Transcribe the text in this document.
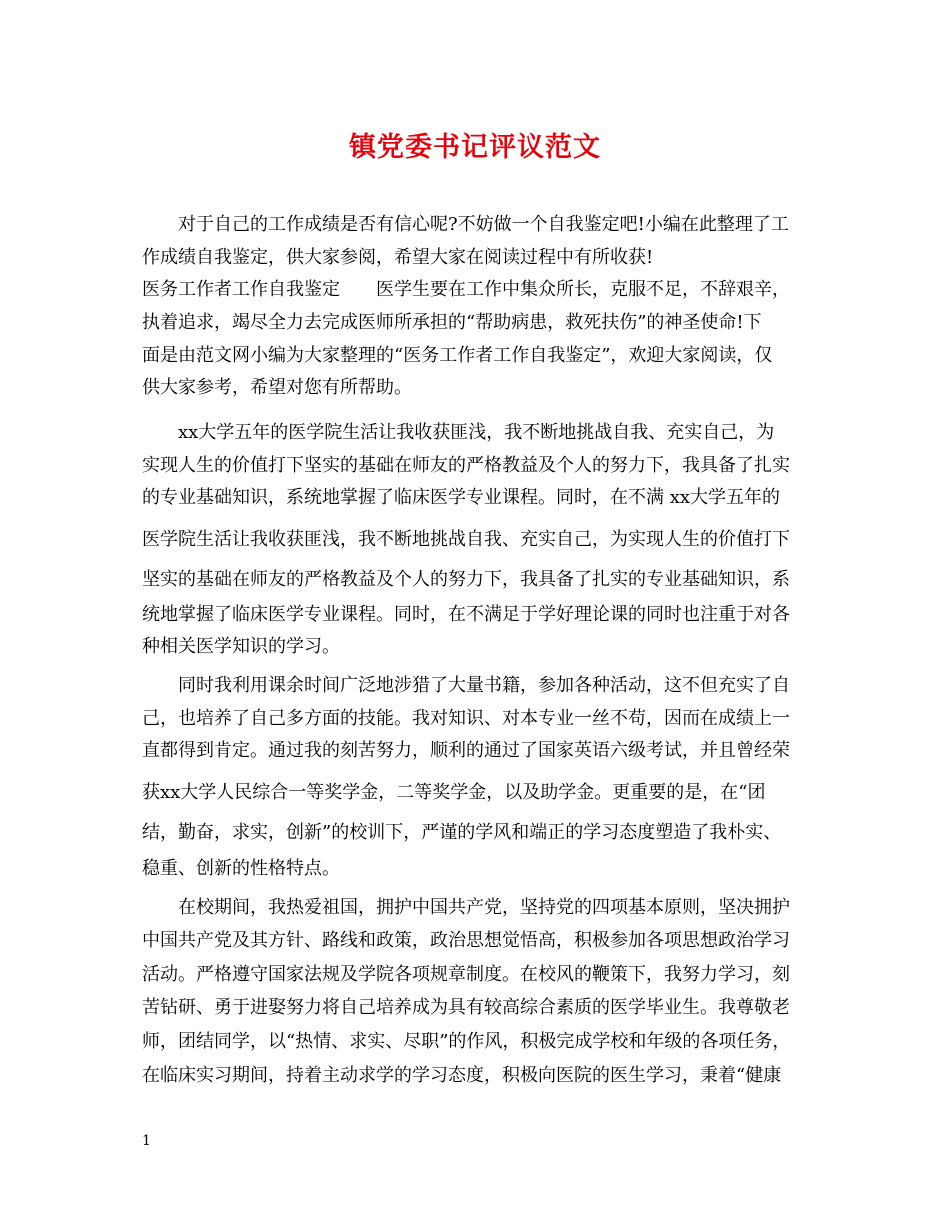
镇党委书记评议范文
对于自己的工作成绩是否有信心呢?不妨做一个自我鉴定吧!小编在此整理了工
作成绩自我鉴定，供大家参阅，希望大家在阅读过程中有所收获!
医务工作者工作自我鉴定 医学生要在工作中集众所长，克服不足，不辞艰辛，
执着追求，竭尽全力去完成医师所承担的“帮助病患，救死扶伤”的神圣使命!下
面是由范文网小编为大家整理的“医务工作者工作自我鉴定”，欢迎大家阅读，仅
供大家参考，希望对您有所帮助。
xx大学五年的医学院生活让我收获匪浅，我不断地挑战自我、充实自己，为
实现人生的价值打下坚实的基础在师友的严格教益及个人的努力下，我具备了扎实
的专业基础知识，系统地掌握了临床医学专业课程。同时，在不满 xx大学五年的
医学院生活让我收获匪浅，我不断地挑战自我、充实自己，为实现人生的价值打下
坚实的基础在师友的严格教益及个人的努力下，我具备了扎实的专业基础知识，系
统地掌握了临床医学专业课程。同时，在不满足于学好理论课的同时也注重于对各
种相关医学知识的学习。
同时我利用课余时间广泛地涉猎了大量书籍，参加各种活动，这不但充实了自
己，也培养了自己多方面的技能。我对知识、对本专业一丝不苟，因而在成绩上一
直都得到肯定。通过我的刻苦努力，顺利的通过了国家英语六级考试，并且曾经荣
获xx大学人民综合一等奖学金，二等奖学金，以及助学金。更重要的是，在“团
结，勤奋，求实，创新”的校训下，严谨的学风和端正的学习态度塑造了我朴实、
稳重、创新的性格特点。
在校期间，我热爱祖国，拥护中国共产党，坚持党的四项基本原则，坚决拥护
中国共产党及其方针、路线和政策，政治思想觉悟高，积极参加各项思想政治学习
活动。严格遵守国家法规及学院各项规章制度。在校风的鞭策下，我努力学习，刻
苦钻研、勇于进娶努力将自己培养成为具有较高综合素质的医学毕业生。我尊敬老
师，团结同学，以“热情、求实、尽职”的作风，积极完成学校和年级的各项任务，
在临床实习期间，持着主动求学的学习态度，积极向医院的医生学习，秉着“健康
1
